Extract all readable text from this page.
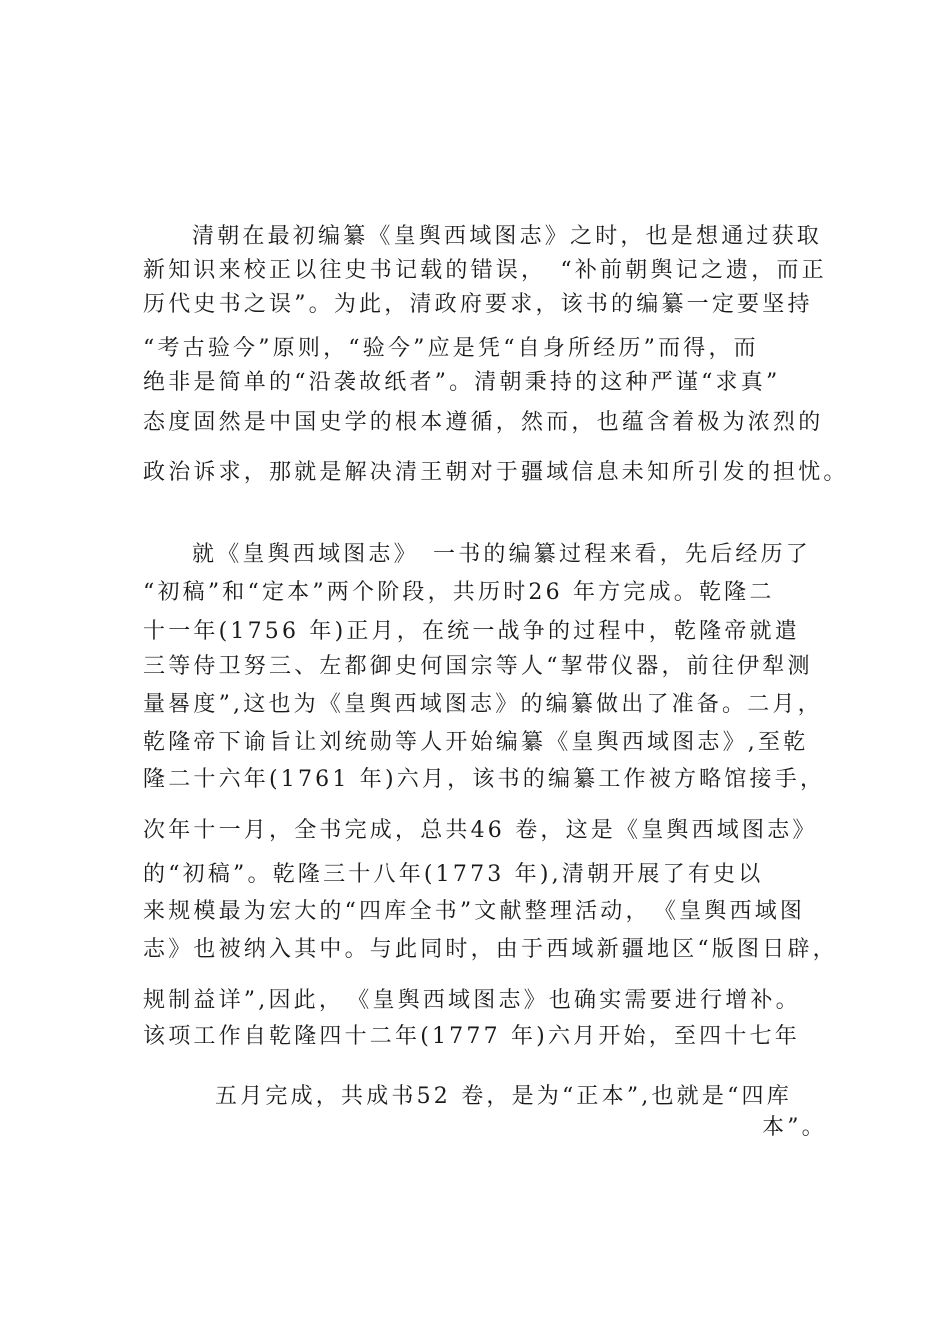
清朝在最初编纂《皇舆西域图志》之时，也是想通过获取
新知识来校正以往史书记载的错误，　“补前朝舆记之遗，而正
历代史书之误”。为此，清政府要求，该书的编纂一定要坚持
“考古验今”原则，“验今”应是凭“自身所经历”而得，而
绝非是简单的“沿袭故纸者”。清朝秉持的这种严谨“求真”
态度固然是中国史学的根本遵循，然而，也蕴含着极为浓烈的
政治诉求，那就是解决清王朝对于疆域信息未知所引发的担忧。
就《皇舆西域图志》　一书的编纂过程来看，先后经历了
“初稿”和“定本”两个阶段，共历时26 年方完成。乾隆二
十一年(1756 年)正月，在统一战争的过程中，乾隆帝就遣
三等侍卫努三、左都御史何国宗等人“挈带仪器，前往伊犁测
量晷度”,这也为《皇舆西域图志》的编纂做出了准备。二月，
乾隆帝下谕旨让刘统勋等人开始编纂《皇舆西域图志》,至乾
隆二十六年(1761 年)六月，该书的编纂工作被方略馆接手，
次年十一月，全书完成，总共46 卷，这是《皇舆西域图志》
的“初稿”。乾隆三十八年(1773 年),清朝开展了有史以
来规模最为宏大的“四库全书”文献整理活动，　《皇舆西域图
志》也被纳入其中。与此同时，由于西域新疆地区“版图日辟，
规制益详”,因此，　《皇舆西域图志》也确实需要进行增补。
该项工作自乾隆四十二年(1777 年)六月开始，至四十七年
五月完成，共成书52 卷，是为“正本”,也就是“四库
本”。
